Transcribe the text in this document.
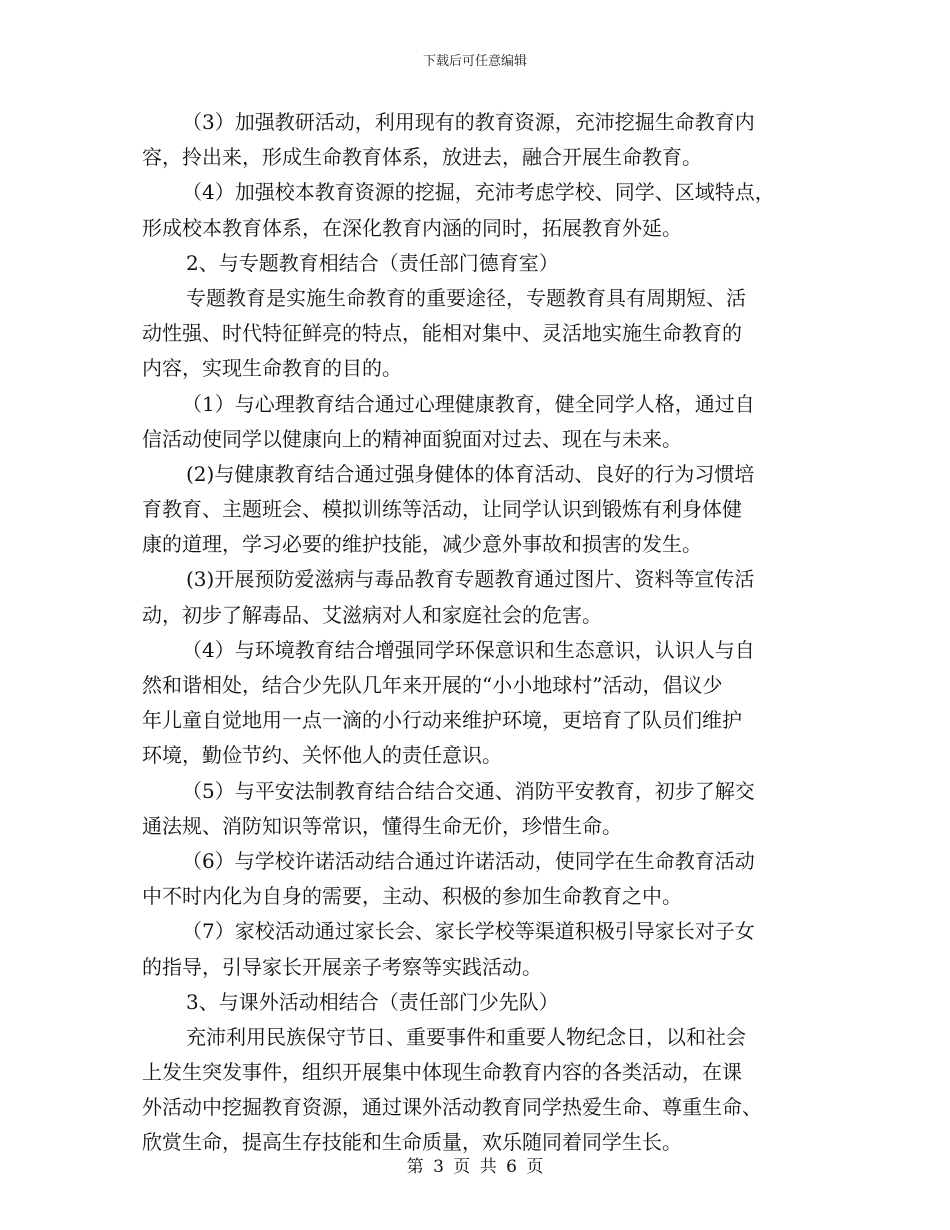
下载后可任意编辑
（3）加强教研活动，利用现有的教育资源，充沛挖掘生命教育内
容，拎出来，形成生命教育体系，放进去，融合开展生命教育。
（4）加强校本教育资源的挖掘，充沛考虑学校、同学、区域特点，
形成校本教育体系，在深化教育内涵的同时，拓展教育外延。
2、与专题教育相结合（责任部门德育室）
专题教育是实施生命教育的重要途径，专题教育具有周期短、活
动性强、时代特征鲜亮的特点，能相对集中、灵活地实施生命教育的
内容，实现生命教育的目的。
（1）与心理教育结合通过心理健康教育，健全同学人格，通过自
信活动使同学以健康向上的精神面貌面对过去、现在与未来。
(2)与健康教育结合通过强身健体的体育活动、良好的行为习惯培
育教育、主题班会、模拟训练等活动，让同学认识到锻炼有利身体健
康的道理，学习必要的维护技能，减少意外事故和损害的发生。
(3)开展预防爱滋病与毒品教育专题教育通过图片、资料等宣传活
动，初步了解毒品、艾滋病对人和家庭社会的危害。
（4）与环境教育结合增强同学环保意识和生态意识，认识人与自
然和谐相处，结合少先队几年来开展的“小小地球村”活动，倡议少
年儿童自觉地用一点一滴的小行动来维护环境，更培育了队员们维护
环境，勤俭节约、关怀他人的责任意识。
（5）与平安法制教育结合结合交通、消防平安教育，初步了解交
通法规、消防知识等常识，懂得生命无价，珍惜生命。
（6）与学校许诺活动结合通过许诺活动，使同学在生命教育活动
中不时内化为自身的需要，主动、积极的参加生命教育之中。
（7）家校活动通过家长会、家长学校等渠道积极引导家长对子女
的指导，引导家长开展亲子考察等实践活动。
3、与课外活动相结合（责任部门少先队）
充沛利用民族保守节日、重要事件和重要人物纪念日，以和社会
上发生突发事件，组织开展集中体现生命教育内容的各类活动，在课
外活动中挖掘教育资源，通过课外活动教育同学热爱生命、尊重生命、
欣赏生命，提高生存技能和生命质量，欢乐随同着同学生长。
第 3 页 共 6 页
